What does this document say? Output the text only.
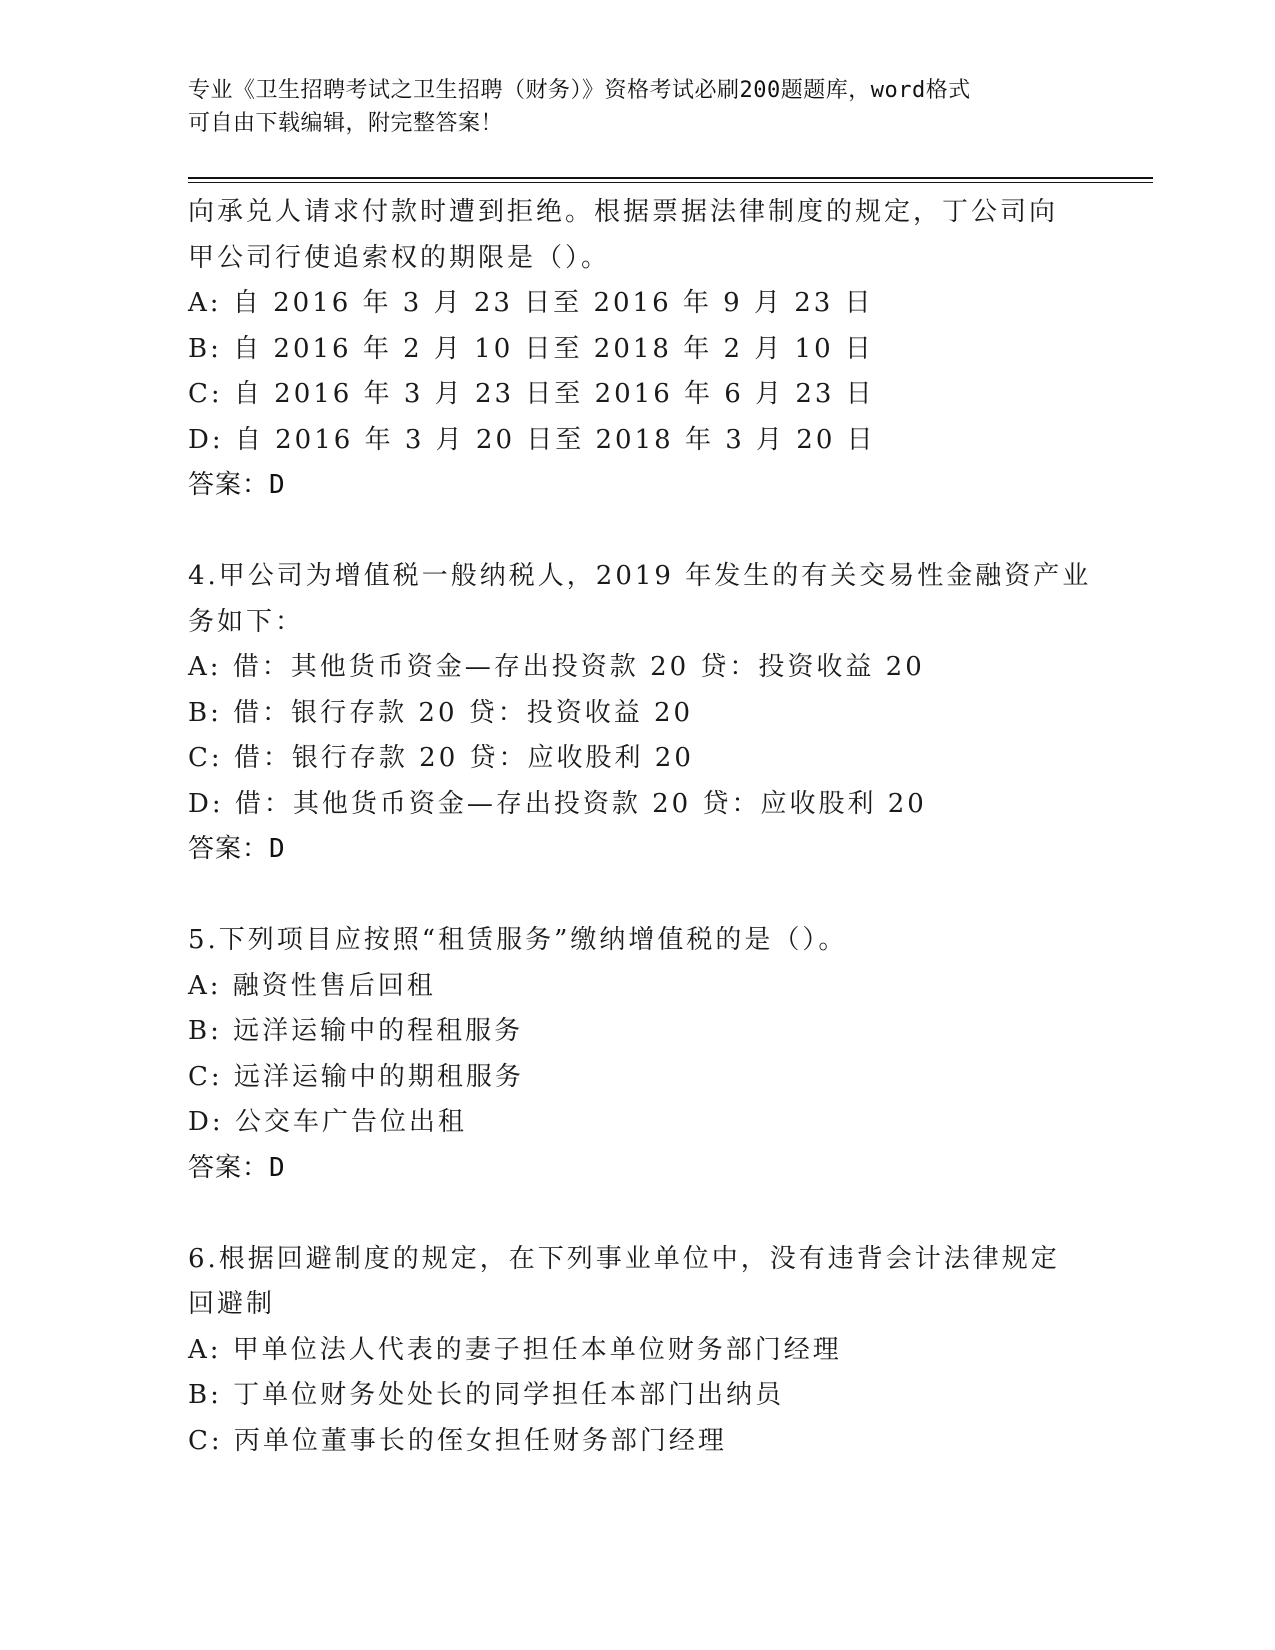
专业《卫生招聘考试之卫生招聘（财务）》资格考试必刷200题题库，word格式
可自由下载编辑，附完整答案！
向承兑人请求付款时遭到拒绝。根据票据法律制度的规定，丁公司向
甲公司行使追索权的期限是（）。
A: 自 2016 年 3 月 23 日至 2016 年 9 月 23 日
B: 自 2016 年 2 月 10 日至 2018 年 2 月 10 日
C: 自 2016 年 3 月 23 日至 2016 年 6 月 23 日
D: 自 2016 年 3 月 20 日至 2018 年 3 月 20 日
答案：D
4.甲公司为增值税一般纳税人，2019 年发生的有关交易性金融资产业
务如下：
A: 借：其他货币资金—存出投资款 20 贷：投资收益 20
B: 借：银行存款 20 贷：投资收益 20
C: 借：银行存款 20 贷：应收股利 20
D: 借：其他货币资金—存出投资款 20 贷：应收股利 20
答案：D
5.下列项目应按照“租赁服务”缴纳增值税的是（）。
A: 融资性售后回租
B: 远洋运输中的程租服务
C: 远洋运输中的期租服务
D: 公交车广告位出租
答案：D
6.根据回避制度的规定，在下列事业单位中，没有违背会计法律规定
回避制
A: 甲单位法人代表的妻子担任本单位财务部门经理
B: 丁单位财务处处长的同学担任本部门出纳员
C: 丙单位董事长的侄女担任财务部门经理
